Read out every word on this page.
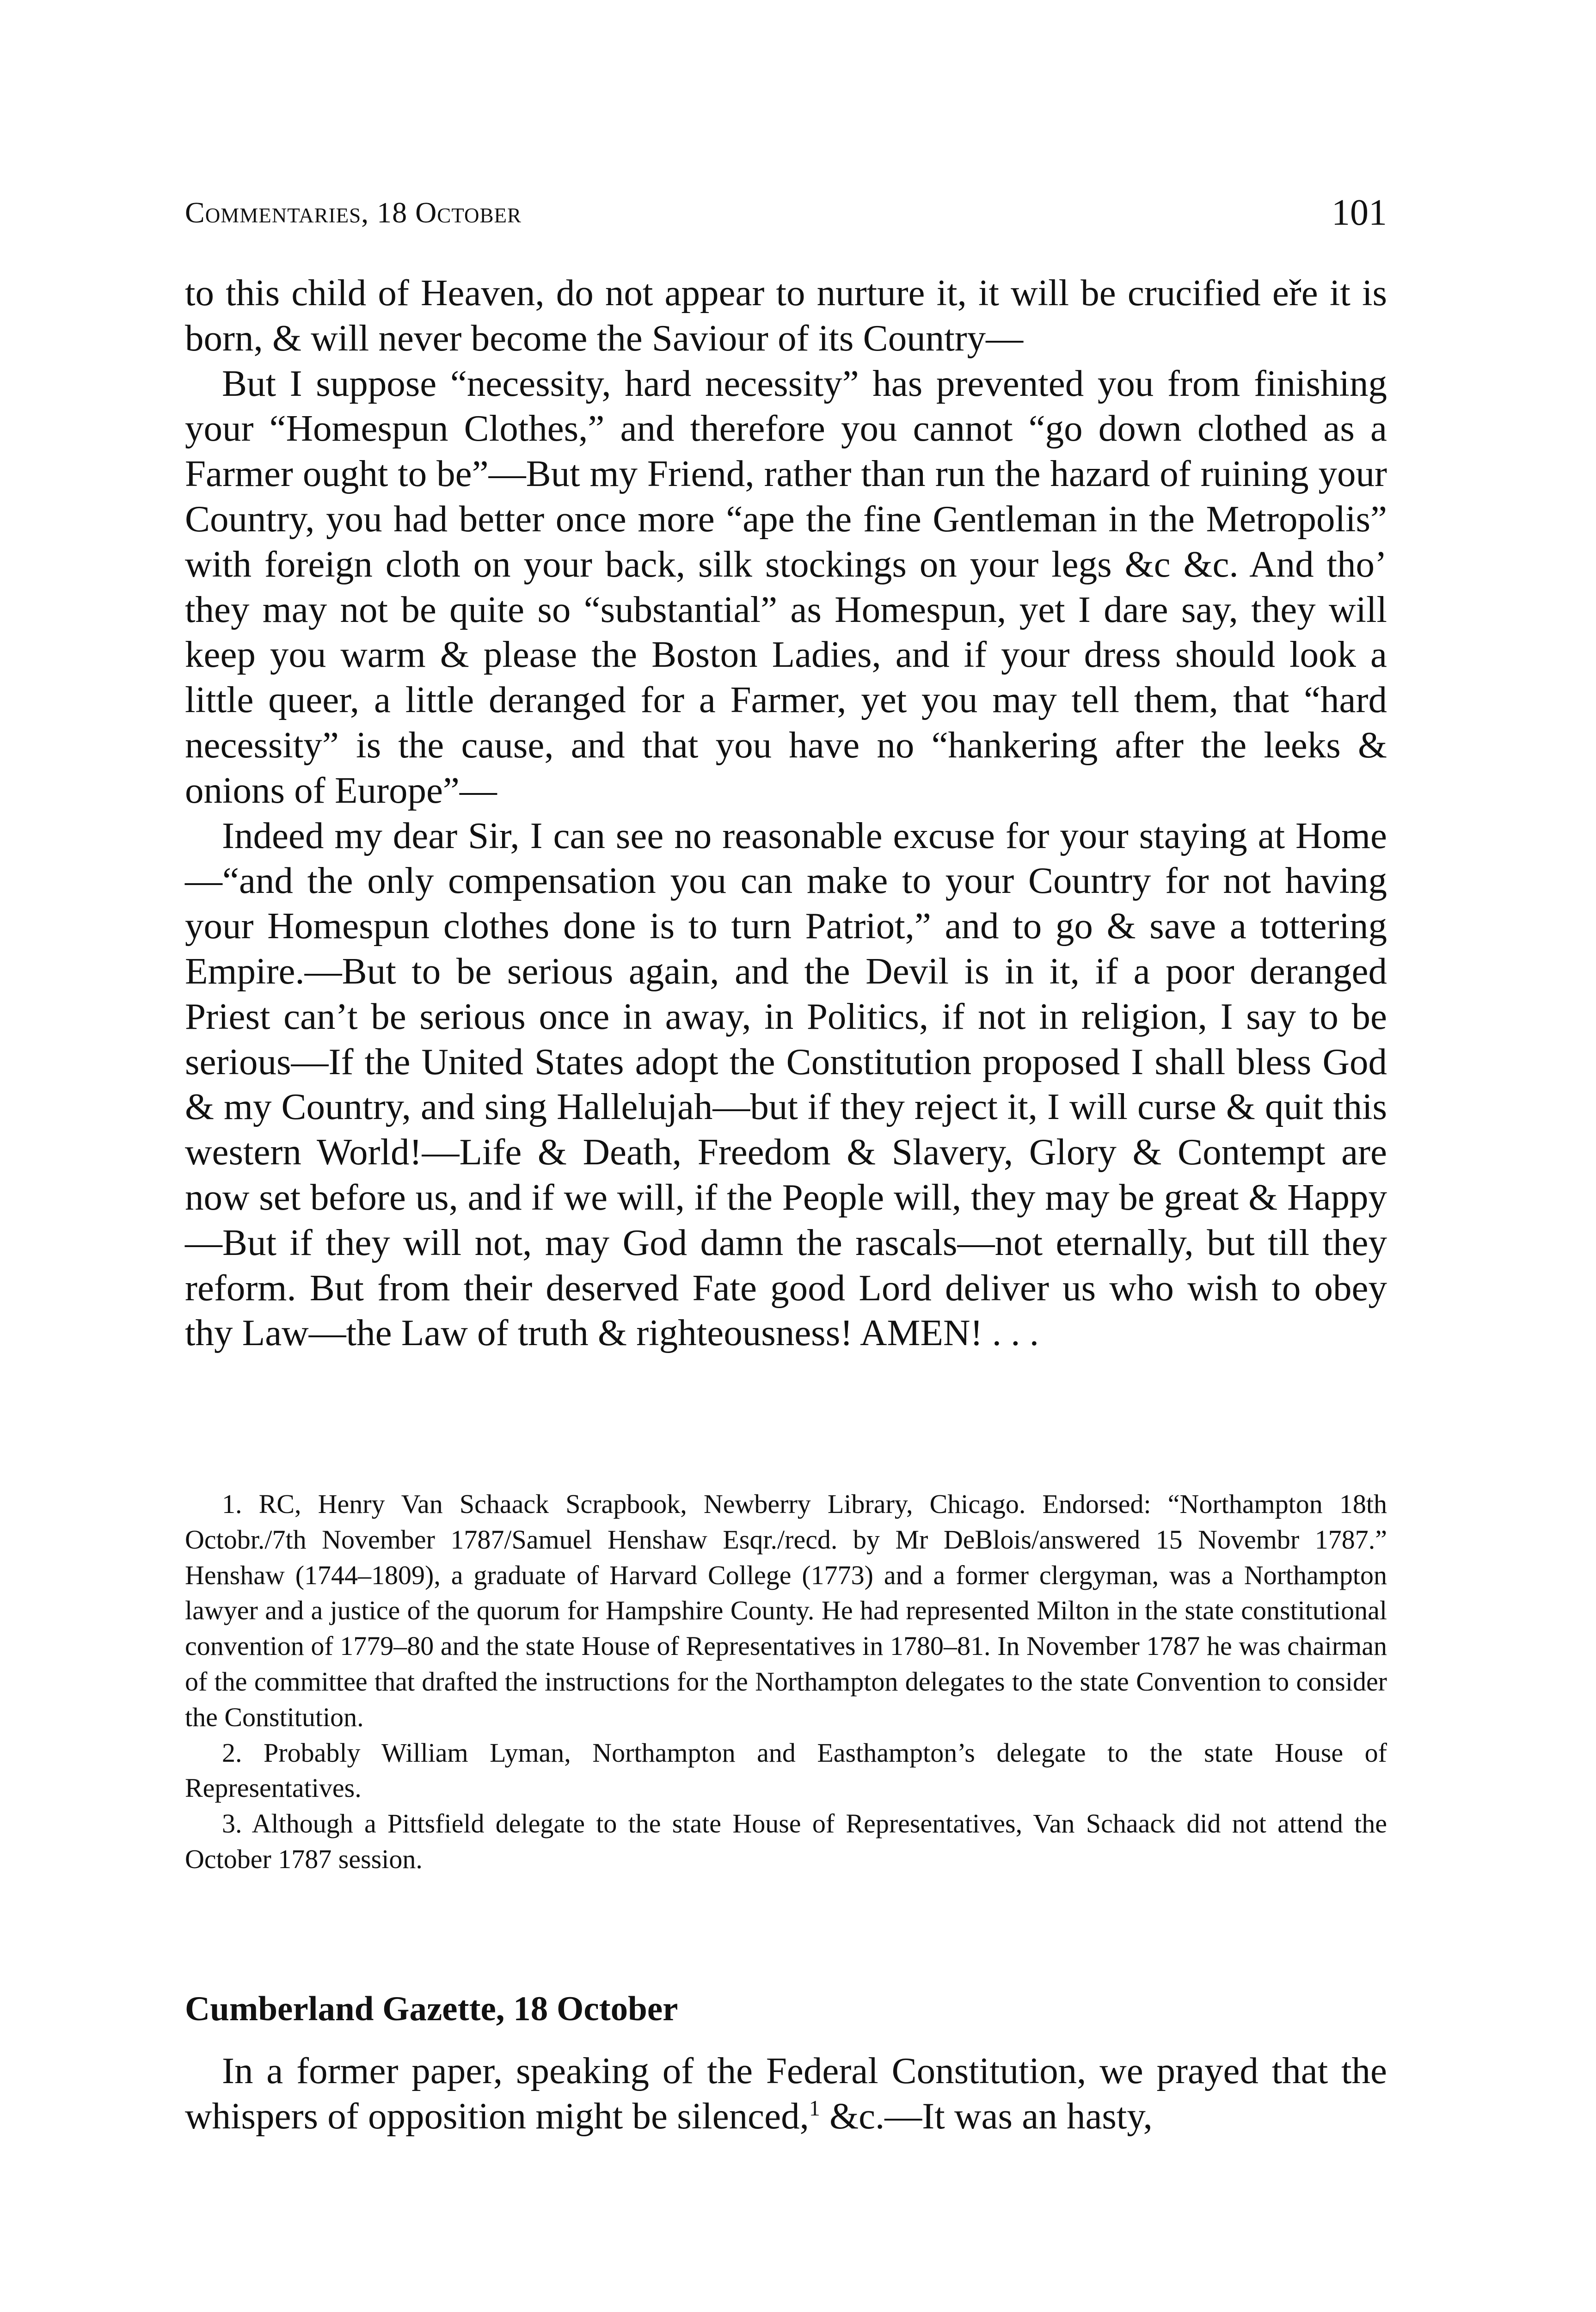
Commentaries, 18 October	101

to this child of Heaven, do not appear to nurture it, it will be crucified eře it is born, & will never become the Saviour of its Country—

But I suppose “necessity, hard necessity” has prevented you from finishing your “Homespun Clothes,” and therefore you cannot “go down clothed as a Farmer ought to be”—But my Friend, rather than run the hazard of ruining your Country, you had better once more “ape the fine Gentleman in the Metropolis” with foreign cloth on your back, silk stockings on your legs &c &c. And tho’ they may not be quite so “substantial” as Homespun, yet I dare say, they will keep you warm & please the Boston Ladies, and if your dress should look a little queer, a little deranged for a Farmer, yet you may tell them, that “hard necessity” is the cause, and that you have no “hankering after the leeks & onions of Europe”—

Indeed my dear Sir, I can see no reasonable excuse for your staying at Home—“and the only compensation you can make to your Country for not having your Homespun clothes done is to turn Patriot,” and to go & save a tottering Empire.—But to be serious again, and the Devil is in it, if a poor deranged Priest can’t be serious once in away, in Politics, if not in religion, I say to be serious—If the United States adopt the Constitution proposed I shall bless God & my Country, and sing Hallelujah—but if they reject it, I will curse & quit this western World!—Life & Death, Freedom & Slavery, Glory & Contempt are now set before us, and if we will, if the People will, they may be great & Happy—But if they will not, may God damn the rascals—not eternally, but till they reform. But from their deserved Fate good Lord deliver us who wish to obey thy Law—the Law of truth & righteousness! AMEN! . . .

1. RC, Henry Van Schaack Scrapbook, Newberry Library, Chicago. Endorsed: “Northampton 18th Octobr./7th November 1787/Samuel Henshaw Esqr./recd. by Mr DeBlois/answered 15 Novembr 1787.” Henshaw (1744–1809), a graduate of Harvard College (1773) and a former clergyman, was a Northampton lawyer and a justice of the quorum for Hampshire County. He had represented Milton in the state constitutional convention of 1779–80 and the state House of Representatives in 1780–81. In November 1787 he was chairman of the committee that drafted the instructions for the Northampton delegates to the state Convention to consider the Constitution.

2. Probably William Lyman, Northampton and Easthampton’s delegate to the state House of Representatives.

3. Although a Pittsfield delegate to the state House of Representatives, Van Schaack did not attend the October 1787 session.

Cumberland Gazette, 18 October

In a former paper, speaking of the Federal Constitution, we prayed that the whispers of opposition might be silenced,$^1$ &c.—It was an hasty,
